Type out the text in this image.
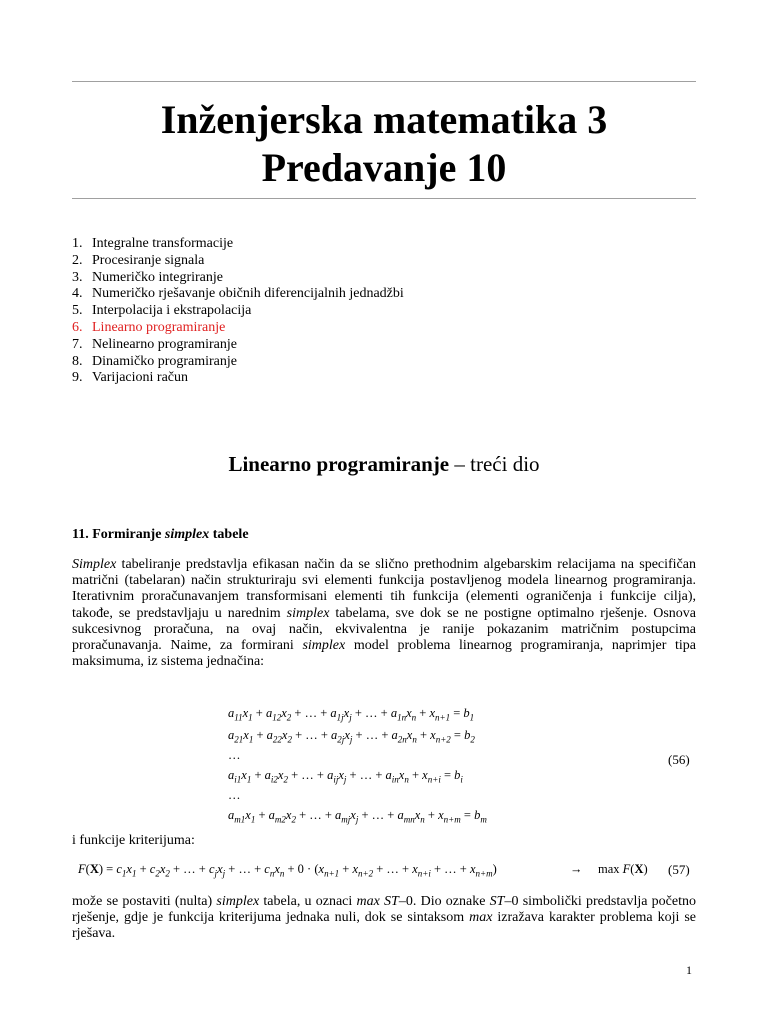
Inženjerska matematika 3
Predavanje 10
1. Integralne transformacije
2. Procesiranje signala
3. Numeričko integriranje
4. Numeričko rješavanje običnih diferencijalnih jednadžbi
5. Interpolacija i ekstrapolacija
6. Linearno programiranje
7. Nelinearno programiranje
8. Dinamičko programiranje
9. Varijacioni račun
Linearno programiranje – treći dio
11. Formiranje simplex tabele
Simplex tabeliranje predstavlja efikasan način da se slično prethodnim algebarskim relacijama na specifičan matrični (tabelaran) način strukturiraju svi elementi funkcija postavljenog modela linearnog programiranja. Iterativnim proračunavanjem transformisani elementi tih funkcija (elementi ograničenja i funkcije cilja), takođe, se predstavljaju u narednim simplex tabelama, sve dok se ne postigne optimalno rješenje. Osnova sukcesivnog proračuna, na ovaj način, ekvivalentna je ranije pokazanim matričnim postupcima proračunavanja. Naime, za formirani simplex model problema linearnog programiranja, naprimjer tipa maksimuma, iz sistema jednačina:
$a_{11}x_1 + a_{12}x_2$ + … + $a_{1j}x_j$ + … + $a_{1n}x_n + x_{n+1} = b_1$
$a_{21}x_1 + a_{22}x_2$ + … + $a_{2j}x_j$ + … + $a_{2n}x_n + x_{n+2} = b_2$
…	(56)
$a_{i1}x_1 + a_{i2}x_2$ + … + $a_{ij}x_j$ + … + $a_{in}x_n + x_{n+i} = b_i$
…
$a_{m1}x_1 + a_{m2}x_2$ + … + $a_{mj}x_j$ + … + $a_{mn}x_n + x_{n+m} = b_m$
i funkcije kriterijuma:
$F(X) = c_1x_1 + c_2x_2$ + … + $c_jx_j$ + … + $c_nx_n + 0 \cdot (x_{n+1} + x_{n+2}$ + … + $x_{n+i}$ + … + $x_{n+m}$)	→ max F(X) (57)
može se postaviti (nulta) simplex tabela, u oznaci max ST–0. Dio oznake ST–0 simbolički predstavlja početno rješenje, gdje je funkcija kriterijuma jednaka nuli, dok se sintaksom max izražava karakter problema koji se rješava.
1
